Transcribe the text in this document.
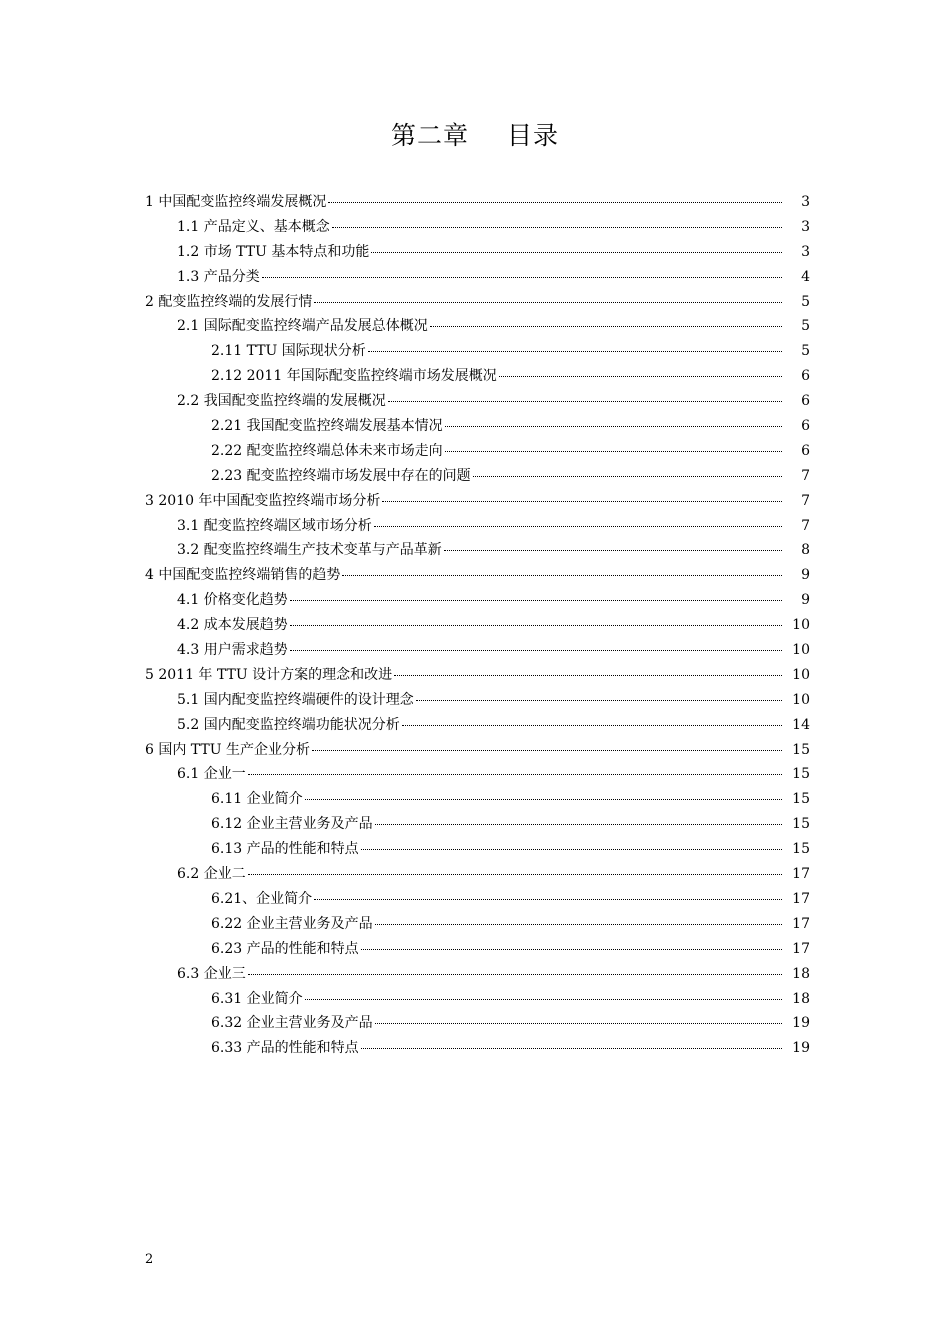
第二章 目录
1 中国配变监控终端发展概况	3
1.1 产品定义、基本概念	3
1.2 市场 TTU 基本特点和功能	3
1.3 产品分类	4
2 配变监控终端的发展行情	5
2.1 国际配变监控终端产品发展总体概况	5
2.11 TTU 国际现状分析	5
2.12 2011 年国际配变监控终端市场发展概况	6
2.2 我国配变监控终端的发展概况	6
2.21 我国配变监控终端发展基本情况	6
2.22 配变监控终端总体未来市场走向	6
2.23 配变监控终端市场发展中存在的问题	7
3 2010 年中国配变监控终端市场分析	7
3.1 配变监控终端区域市场分析	7
3.2 配变监控终端生产技术变革与产品革新	8
4 中国配变监控终端销售的趋势	9
4.1 价格变化趋势	9
4.2 成本发展趋势	10
4.3 用户需求趋势	10
5 2011 年 TTU 设计方案的理念和改进	10
5.1 国内配变监控终端硬件的设计理念	10
5.2 国内配变监控终端功能状况分析	14
6 国内 TTU 生产企业分析	15
6.1 企业一	15
6.11 企业简介	15
6.12 企业主营业务及产品	15
6.13 产品的性能和特点	15
6.2 企业二	17
6.21、企业简介	17
6.22 企业主营业务及产品	17
6.23 产品的性能和特点	17
6.3 企业三	18
6.31 企业简介	18
6.32 企业主营业务及产品	19
6.33 产品的性能和特点	19
2
